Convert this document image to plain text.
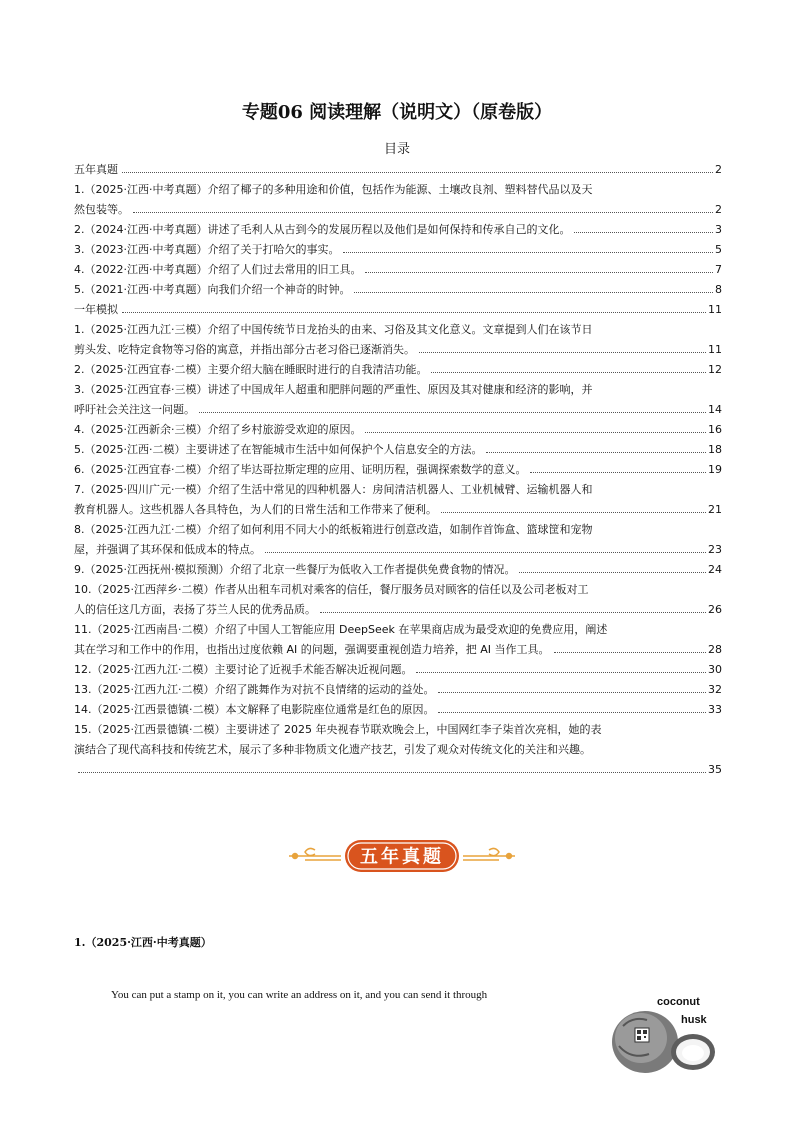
专题06 阅读理解（说明文）（原卷版）
目录
五年真题	2
1.（2025·江西·中考真题）介绍了椰子的多种用途和价值，包括作为能源、土壤改良剂、塑料替代品以及天
然包装等。	2
2.（2024·江西·中考真题）讲述了毛利人从古到今的发展历程以及他们是如何保持和传承自己的文化。	3
3.（2023·江西·中考真题）介绍了关于打哈欠的事实。	5
4.（2022·江西·中考真题）介绍了人们过去常用的旧工具。	7
5.（2021·江西·中考真题）向我们介绍一个神奇的时钟。	8
一年模拟	11
1.（2025·江西九江·三模）介绍了中国传统节日龙抬头的由来、习俗及其文化意义。文章提到人们在该节日
剪头发、吃特定食物等习俗的寓意，并指出部分古老习俗已逐渐消失。	11
2.（2025·江西宜春·二模）主要介绍大脑在睡眠时进行的自我清洁功能。	12
3.（2025·江西宜春·三模）讲述了中国成年人超重和肥胖问题的严重性、原因及其对健康和经济的影响，并
呼吁社会关注这一问题。	14
4.（2025·江西新余·三模）介绍了乡村旅游受欢迎的原因。	16
5.（2025·江西·二模）主要讲述了在智能城市生活中如何保护个人信息安全的方法。	18
6.（2025·江西宜春·二模）介绍了毕达哥拉斯定理的应用、证明历程，强调探索数学的意义。	19
7.（2025·四川广元·一模）介绍了生活中常见的四种机器人：房间清洁机器人、工业机械臂、运输机器人和
教育机器人。这些机器人各具特色，为人们的日常生活和工作带来了便利。	21
8.（2025·江西九江·二模）介绍了如何利用不同大小的纸板箱进行创意改造，如制作首饰盒、篮球筐和宠物
屋，并强调了其环保和低成本的特点。	23
9.（2025·江西抚州·模拟预测）介绍了北京一些餐厅为低收入工作者提供免费食物的情况。	24
10.（2025·江西萍乡·二模）作者从出租车司机对乘客的信任，餐厅服务员对顾客的信任以及公司老板对工
人的信任这几方面，表扬了芬兰人民的优秀品质。	26
11.（2025·江西南昌·二模）介绍了中国人工智能应用 DeepSeek 在苹果商店成为最受欢迎的免费应用，阐述
其在学习和工作中的作用，也指出过度依赖 AI 的问题，强调要重视创造力培养，把 AI 当作工具。	28
12.（2025·江西九江·二模）主要讨论了近视手术能否解决近视问题。	30
13.（2025·江西九江·二模）介绍了跳舞作为对抗不良情绪的运动的益处。	32
14.（2025·江西景德镇·二模）本文解释了电影院座位通常是红色的原因。	33
15.（2025·江西景德镇·二模）主要讲述了 2025 年央视春节联欢晚会上，中国网红李子柒首次亮相，她的表
演结合了现代高科技和传统艺术，展示了多种非物质文化遗产技艺，引发了观众对传统文化的关注和兴趣。
35
五年真题
1.（2025·江西·中考真题）
You can put a stamp on it, you can write an address on it, and you can send it through
coconut
husk
